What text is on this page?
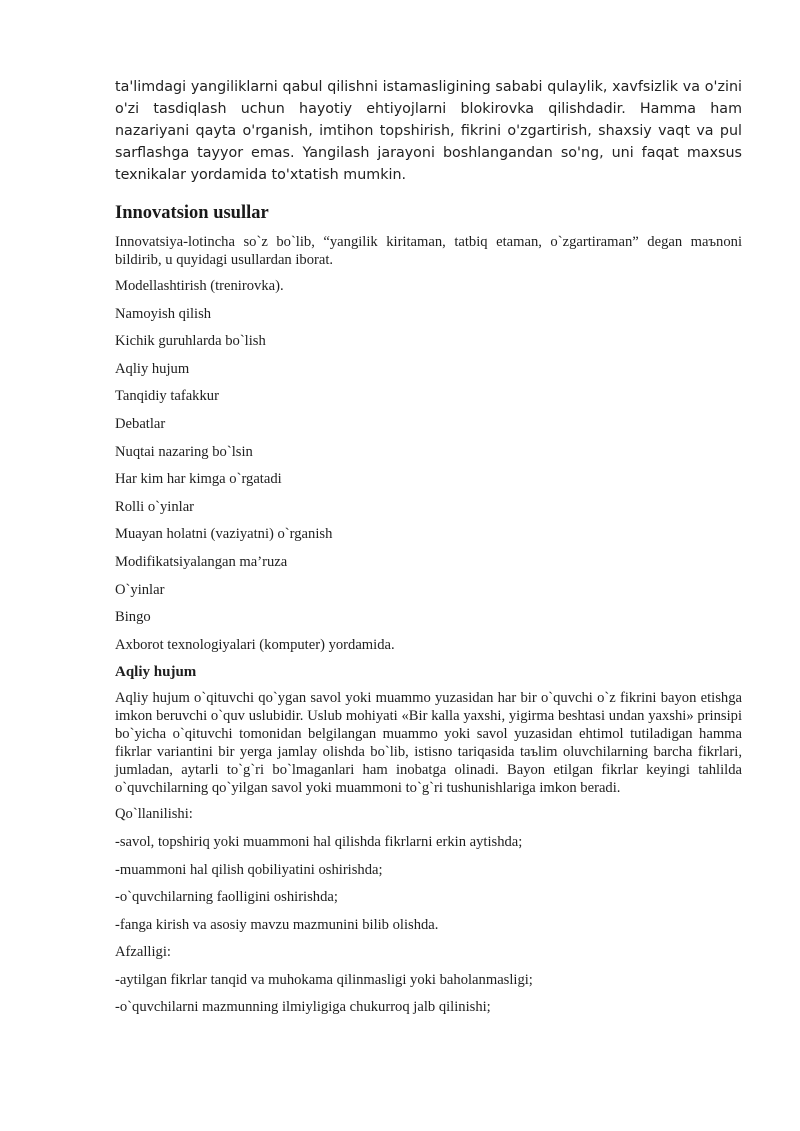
ta'limdagi yangiliklarni qabul qilishni istamasligining sababi qulaylik, xavfsizlik va o'zini o'zi tasdiqlash uchun hayotiy ehtiyojlarni blokirovka qilishdadir. Hamma ham nazariyani qayta o'rganish, imtihon topshirish, fikrini o'zgartirish, shaxsiy vaqt va pul sarflashga tayyor emas. Yangilash jarayoni boshlangandan so'ng, uni faqat maxsus texnikalar yordamida to'xtatish mumkin.

Innovatsion usullar

Innovatsiya-lotincha so`z bo`lib, “yangilik kiritaman, tatbiq etaman, o`zgartiraman” degan maъnoni bildirib, u quyidagi usullardan iborat.

Modellashtirish (trenirovka).
Namoyish qilish
Kichik guruhlarda bo`lish
Aqliy hujum
Tanqidiy tafakkur
Debatlar
Nuqtai nazaring bo`lsin
Har kim har kimga o`rgatadi
Rolli o`yinlar
Muayan holatni (vaziyatni) o`rganish
Modifikatsiyalangan ma’ruza
O`yinlar
Bingo
Axborot texnologiyalari (komputer) yordamida.
Aqliy hujum

Aqliy hujum o`qituvchi qo`ygan savol yoki muammo yuzasidan har bir o`quvchi o`z fikrini bayon etishga imkon beruvchi o`quv uslubidir. Uslub mohiyati «Bir kalla yaxshi, yigirma beshtasi undan yaxshi» prinsipi bo`yicha o`qituvchi tomonidan belgilangan muammo yoki savol yuzasidan ehtimol tutiladigan hamma fikrlar variantini bir yerga jamlay olishda bo`lib, istisno tariqasida taъlim oluvchilarning barcha fikrlari, jumladan, aytarli to`g`ri bo`lmaganlari ham inobatga olinadi. Bayon etilgan fikrlar keyingi tahlilda o`quvchilarning qo`yilgan savol yoki muammoni to`g`ri tushunishlariga imkon beradi.

Qo`llanilishi:
-savol, topshiriq yoki muammoni hal qilishda fikrlarni erkin aytishda;
-muammoni hal qilish qobiliyatini oshirishda;
-o`quvchilarning faolligini oshirishda;
-fanga kirish va asosiy mavzu mazmunini bilib olishda.
Afzalligi:
-aytilgan fikrlar tanqid va muhokama qilinmasligi yoki baholanmasligi;
-o`quvchilarni mazmunning ilmiyligiga chukurroq jalb qilinishi;
